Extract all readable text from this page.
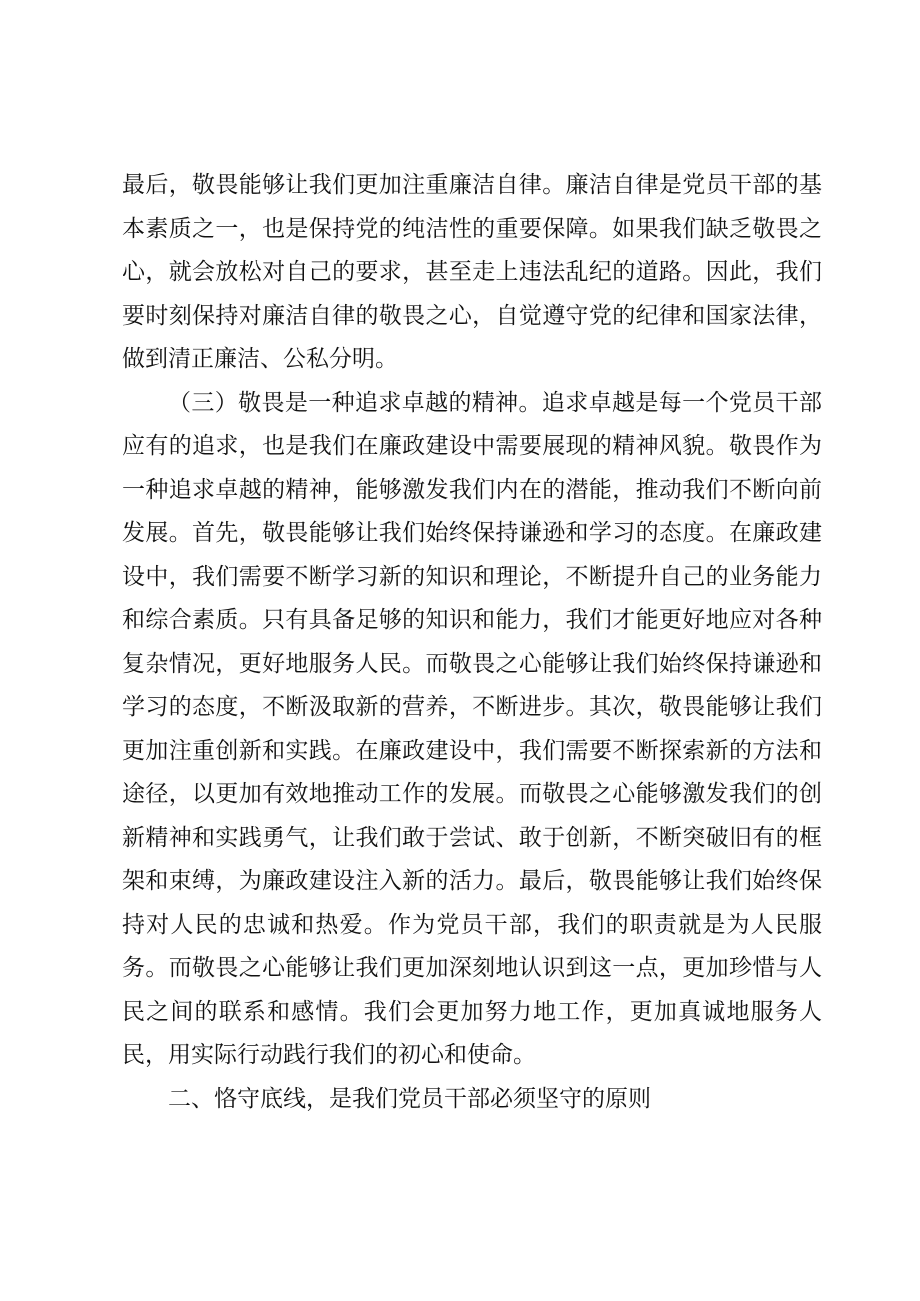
最后，敬畏能够让我们更加注重廉洁自律。廉洁自律是党员干部的基本素质之一，也是保持党的纯洁性的重要保障。如果我们缺乏敬畏之心，就会放松对自己的要求，甚至走上违法乱纪的道路。因此，我们要时刻保持对廉洁自律的敬畏之心，自觉遵守党的纪律和国家法律，做到清正廉洁、公私分明。

（三）敬畏是一种追求卓越的精神。追求卓越是每一个党员干部应有的追求，也是我们在廉政建设中需要展现的精神风貌。敬畏作为一种追求卓越的精神，能够激发我们内在的潜能，推动我们不断向前发展。首先，敬畏能够让我们始终保持谦逊和学习的态度。在廉政建设中，我们需要不断学习新的知识和理论，不断提升自己的业务能力和综合素质。只有具备足够的知识和能力，我们才能更好地应对各种复杂情况，更好地服务人民。而敬畏之心能够让我们始终保持谦逊和学习的态度，不断汲取新的营养，不断进步。其次，敬畏能够让我们更加注重创新和实践。在廉政建设中，我们需要不断探索新的方法和途径，以更加有效地推动工作的发展。而敬畏之心能够激发我们的创新精神和实践勇气，让我们敢于尝试、敢于创新，不断突破旧有的框架和束缚，为廉政建设注入新的活力。最后，敬畏能够让我们始终保持对人民的忠诚和热爱。作为党员干部，我们的职责就是为人民服务。而敬畏之心能够让我们更加深刻地认识到这一点，更加珍惜与人民之间的联系和感情。我们会更加努力地工作，更加真诚地服务人民，用实际行动践行我们的初心和使命。

二、恪守底线，是我们党员干部必须坚守的原则
